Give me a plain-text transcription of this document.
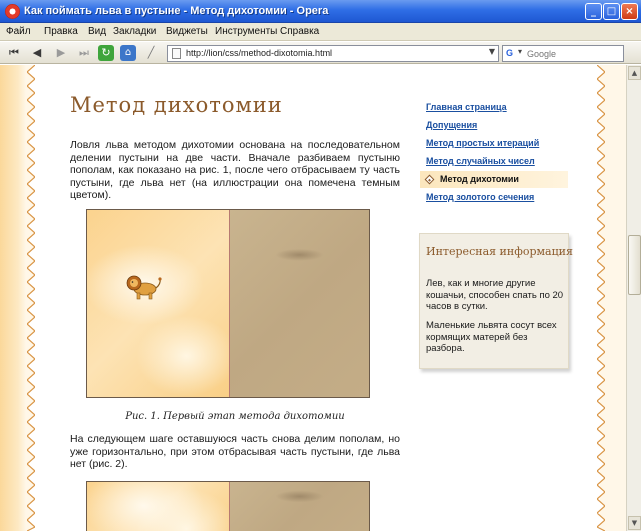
Как поймать льва в пустыне - Метод дихотомии - Opera	_	□ ×
Файл Правка Вид Закладки Виджеты Инструменты Справка
⏮	◀	▶	⏭	↻	⌂	╱	http://lion/css/method-dixotomia.html	▼ G ▾
Google
Метод дихотомии
Ловля льва методом дихотомии основана на последовательном делении пустыни на две части. Вначале разбиваем пустыню пополам, как показано на рис. 1, после чего отбрасываем ту часть пустыни, где льва нет (на иллюстрации она помечена темным цветом).
Рис. 1. Первый этап метода дихотомии
На следующем шаге оставшуюся часть снова делим пополам, но уже горизонтально, при этом отбрасывая часть пустыни, где льва нет (рис. 2).
Главная страница
Допущения
Метод простых итераций
Метод случайных чисел
Метод дихотомии
Метод золотого сечения
Интересная информация
Лев, как и многие другие кошачьи, способен спать по 20 часов в сутки.
Маленькие львята сосут всех кормящих матерей без разбора.
▲
▼
